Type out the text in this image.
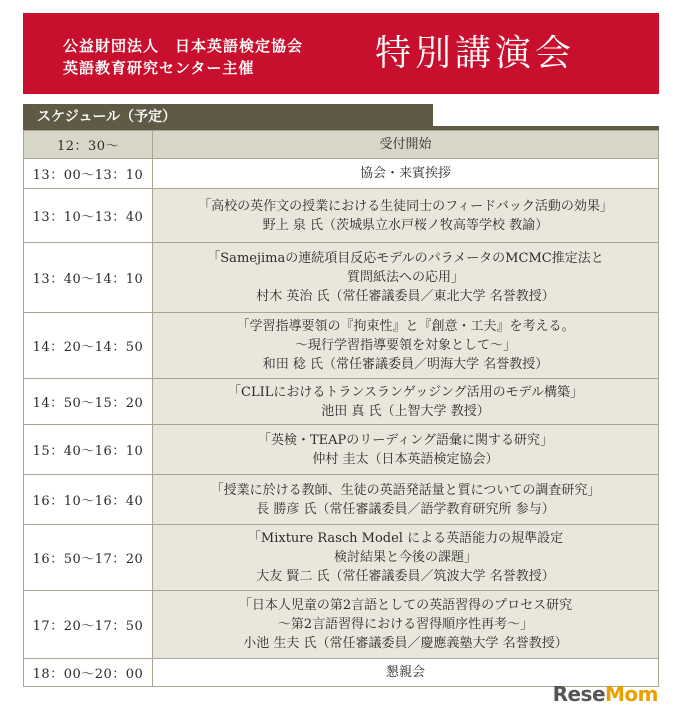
公益財団法人　日本英語検定協会
英語教育研究センター主催	特別講演会
スケジュール（予定）
12：30～	受付開始

13：00～13：10	協会・来賓挨拶

13：10～13：40	「高校の英作文の授業における生徒同士のフィードバック活動の効果」
野上 泉 氏（茨城県立水戸桜ノ牧高等学校 教諭）

13：40～14：10	「Samejimaの連続項目反応モデルのパラメータのMCMC推定法と
質問紙法への応用」
村木 英治 氏（常任審議委員／東北大学 名誉教授）

14：20～14：50	「学習指導要領の『拘束性』と『創意・工夫』を考える。
～現行学習指導要領を対象として～」
和田 稔 氏（常任審議委員／明海大学 名誉教授）

14：50～15：20	「CLILにおけるトランスランゲッジング活用のモデル構築」
池田 真 氏（上智大学 教授）

15：40～16：10	「英検・TEAPのリーディング語彙に関する研究」
仲村 圭太（日本英語検定協会）

16：10～16：40	「授業に於ける教師、生徒の英語発話量と質についての調査研究」
長 勝彦 氏（常任審議委員／語学教育研究所 参与）

16：50～17：20	「Mixture Rasch Model による英語能力の規準設定
検討結果と今後の課題」
大友 賢二 氏（常任審議委員／筑波大学 名誉教授）

17：20～17：50	「日本人児童の第2言語としての英語習得のプロセス研究
～第2言語習得における習得順序性再考～」
小池 生夫 氏（常任審議委員／慶應義塾大学 名誉教授）

18：00～20：00	懇親会
ReseMom
